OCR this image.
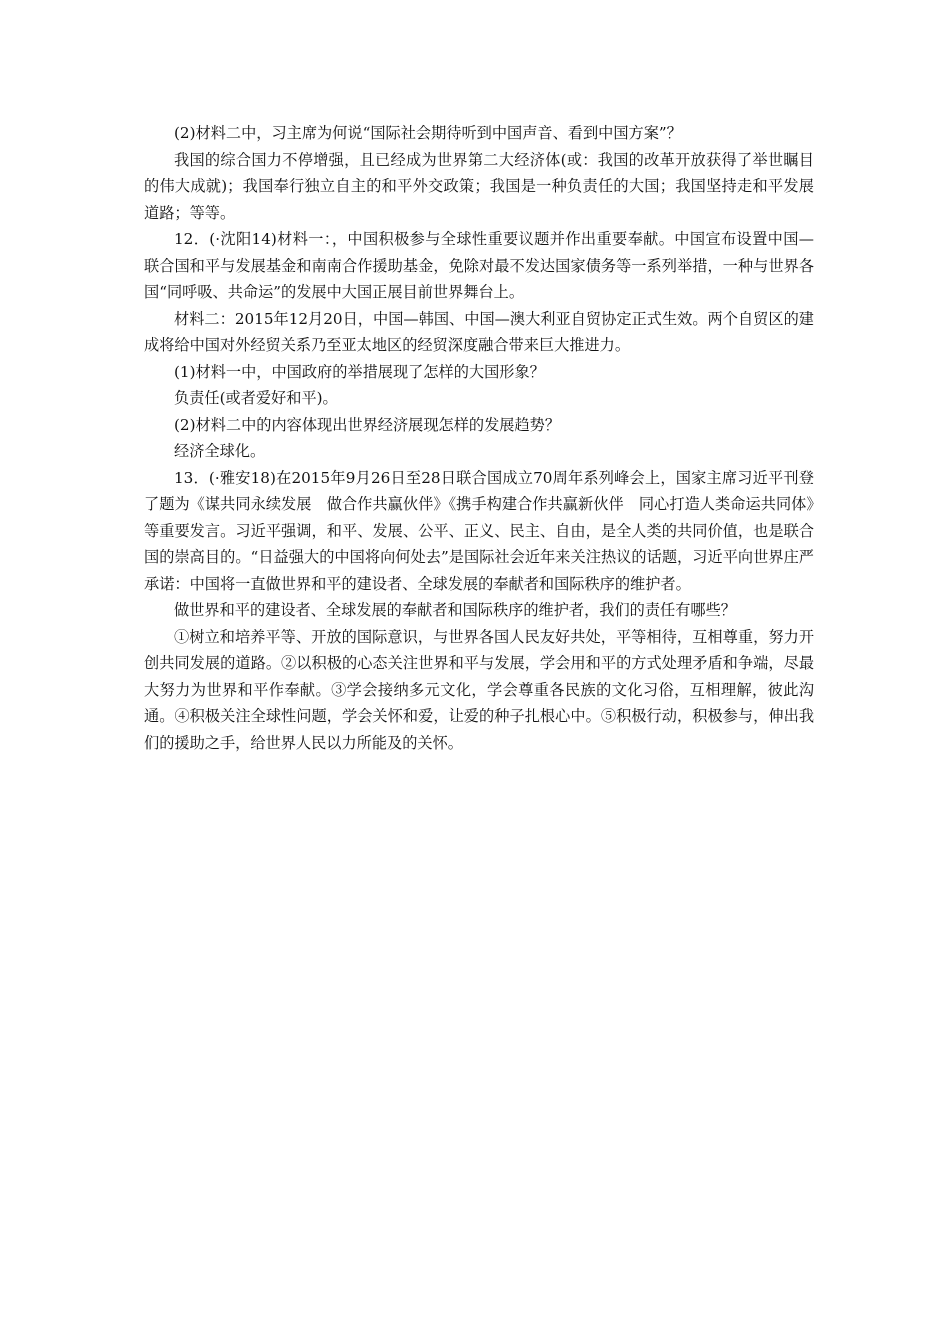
(2)材料二中，习主席为何说“国际社会期待听到中国声音、看到中国方案”？

我国的综合国力不停增强，且已经成为世界第二大经济体(或：我国的改革开放获得了举世瞩目的伟大成就)；我国奉行独立自主的和平外交政策；我国是一种负责任的大国；我国坚持走和平发展道路；等等。

12．(·沈阳14)材料一：，中国积极参与全球性重要议题并作出重要奉献。中国宣布设置中国—联合国和平与发展基金和南南合作援助基金，免除对最不发达国家债务等一系列举措，一种与世界各国“同呼吸、共命运”的发展中大国正展目前世界舞台上。

材料二：2015年12月20日，中国—韩国、中国—澳大利亚自贸协定正式生效。两个自贸区的建成将给中国对外经贸关系乃至亚太地区的经贸深度融合带来巨大推进力。

(1)材料一中，中国政府的举措展现了怎样的大国形象？

负责任(或者爱好和平)。

(2)材料二中的内容体现出世界经济展现怎样的发展趋势？

经济全球化。

13．(·雅安18)在2015年9月26日至28日联合国成立70周年系列峰会上，国家主席习近平刊登了题为《谋共同永续发展　做合作共赢伙伴》《携手构建合作共赢新伙伴　同心打造人类命运共同体》等重要发言。习近平强调，和平、发展、公平、正义、民主、自由，是全人类的共同价值，也是联合国的崇高目的。“日益强大的中国将向何处去”是国际社会近年来关注热议的话题，习近平向世界庄严承诺：中国将一直做世界和平的建设者、全球发展的奉献者和国际秩序的维护者。

做世界和平的建设者、全球发展的奉献者和国际秩序的维护者，我们的责任有哪些？

①树立和培养平等、开放的国际意识，与世界各国人民友好共处，平等相待，互相尊重，努力开创共同发展的道路。②以积极的心态关注世界和平与发展，学会用和平的方式处理矛盾和争端，尽最大努力为世界和平作奉献。③学会接纳多元文化，学会尊重各民族的文化习俗，互相理解，彼此沟通。④积极关注全球性问题，学会关怀和爱，让爱的种子扎根心中。⑤积极行动，积极参与，伸出我们的援助之手，给世界人民以力所能及的关怀。
